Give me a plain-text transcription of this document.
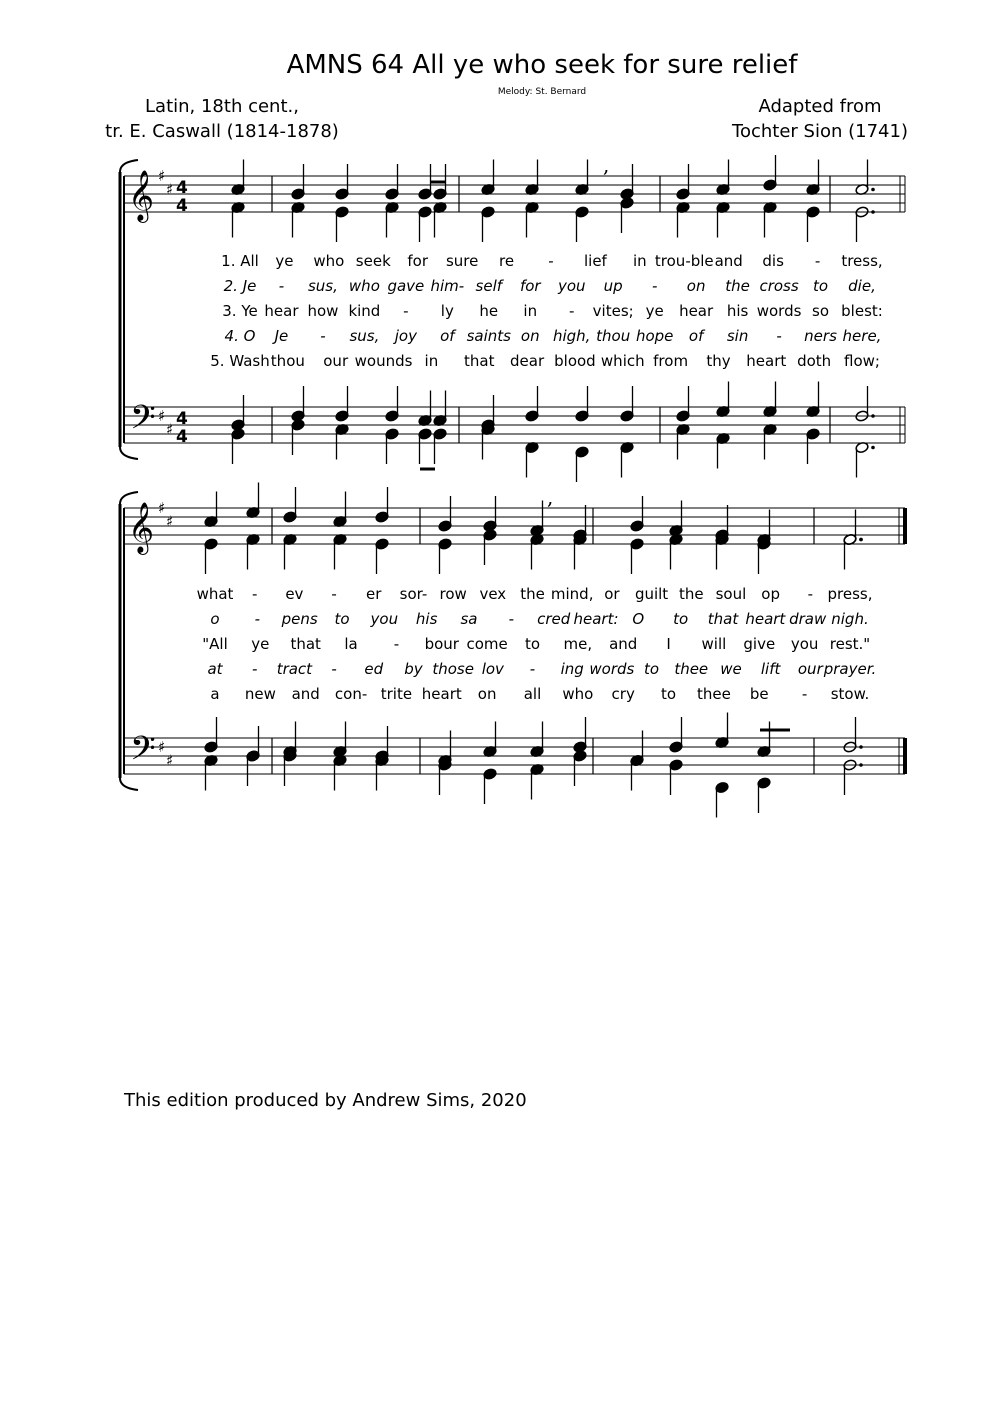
AMNS 64 All ye who seek for sure relief
Melody: St. Bernard
Latin, 18th cent.,
tr. E. Caswall (1814-1878)
Adapted from
Tochter Sion (1741)
𝄞
𝄢
♯
♯
♯
♯
4
4
4
4
𝄞
𝄢
♯
♯
♯
♯
,
,
1. All ye who seek for sure re - lief in trou-ble and dis - tress,
2. Je - sus, who gave him- self for you up - on the cross to die,
3. Ye hear how kind - ly he in - vites; ye hear his words so blest:
4. O Je - sus, joy of saints on high, thou hope of sin - ners here,
5. Wash thou our wounds in that dear blood which from thy heart doth flow;
what - ev - er sor- row vex the mind, or guilt the soul op - press,
o - pens to you his sa - cred heart: O to that heart draw nigh.
"All ye that la - bour come to me, and I will give you rest."
at - tract - ed by those lov - ing words to thee we lift our prayer.
a new and con- trite heart on all who cry to thee be - stow.
This edition produced by Andrew Sims, 2020
